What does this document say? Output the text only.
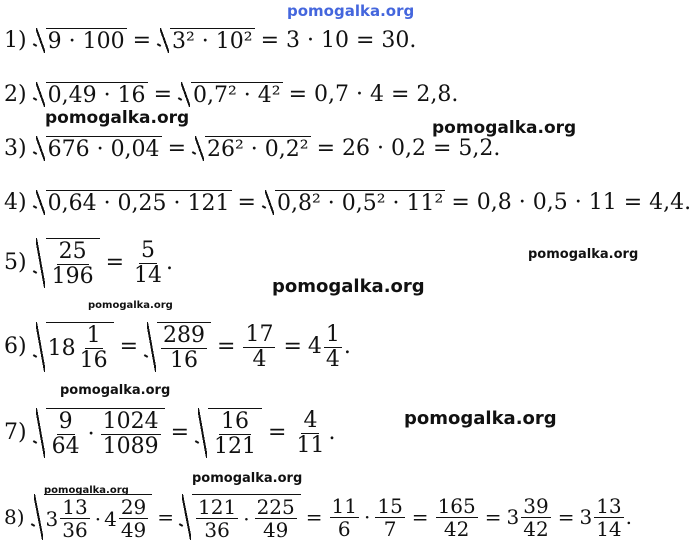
pomogalka.org
pomogalka.org	pomogalka.org
pomogalka.org
pomogalka.org
pomogalka.org
pomogalka.org
pomogalka.org
pomogalka.org
pomogalka.org
1) 9 · 100 = 3² · 10² = 3 · 10 = 30.
2) 0,49 · 16 = 0,7² · 4² = 0,7 · 4 = 2,8.
3) 676 · 0,04 = 26² · 0,2² = 26 · 0,2 = 5,2.
4) 0,64 · 0,25 · 121 = 0,8² · 0,5² · 11² = 0,8 · 0,5 · 11 = 4,4.
$5) \frac{25}{196} = \frac{5}{14}$ .
6) $18 \frac{1}{16} = \frac{289}{16} = \frac{17}{4} = 4 \frac{1}{4}$ .
$7) \frac{9}{64} \cdot \frac{1024}{1089} = \frac{16}{121} = \frac{4}{11}$ .
8) $3 \frac{13}{36} \cdot 4 \frac{29}{49} = \frac{121}{36} \cdot \frac{225}{49} = \frac{11}{6} \cdot \frac{15}{7} = \frac{165}{42} = 3 \frac{39}{42} = 3 \frac{13}{14}$ .
